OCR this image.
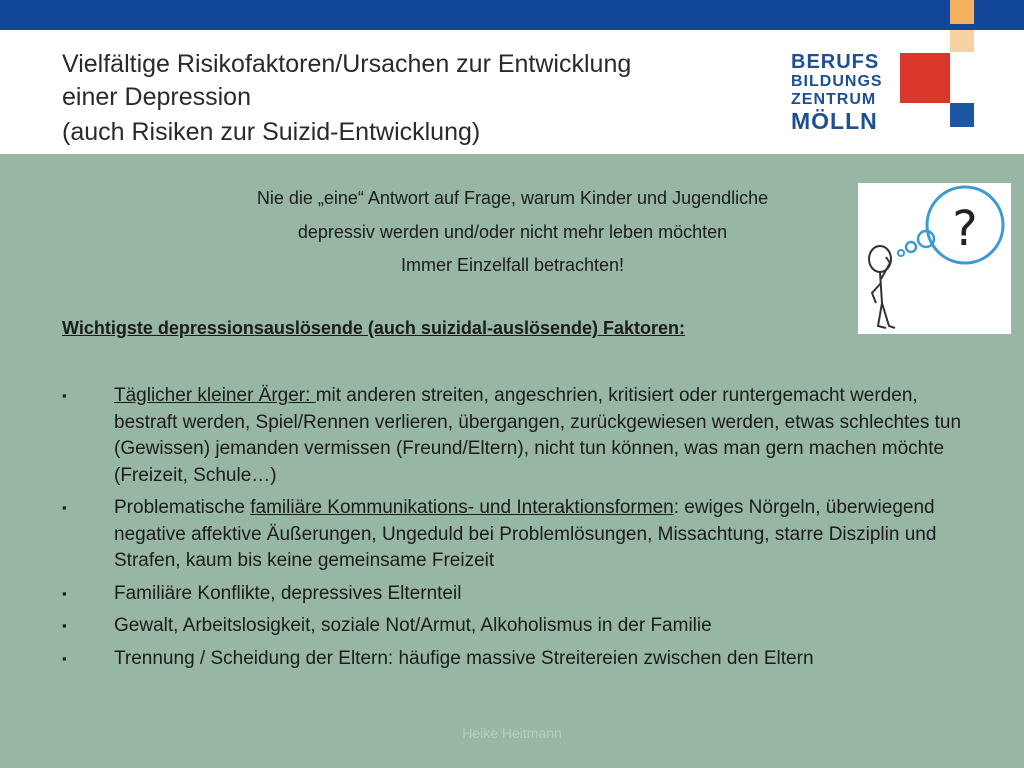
Vielfältige Risikofaktoren/Ursachen zur Entwicklung
einer Depression
(auch Risiken zur Suizid-Entwicklung)
BERUFS
BILDUNGS
ZENTRUM
MÖLLN
Nie die „eine“ Antwort auf Frage, warum Kinder und Jugendliche
depressiv werden und/oder nicht mehr leben möchten
Immer Einzelfall betrachten!
?
Wichtigste depressionsauslösende (auch suizidal-auslösende) Faktoren:
▪ Täglicher kleiner Ärger: mit anderen streiten, angeschrien, kritisiert oder runtergemacht werden, bestraft werden, Spiel/Rennen verlieren, übergangen, zurückgewiesen werden, etwas schlechtes tun (Gewissen) jemanden vermissen (Freund/Eltern), nicht tun können, was man gern machen möchte (Freizeit, Schule…)
▪ Problematische familiäre Kommunikations- und Interaktionsformen: ewiges Nörgeln, überwiegend negative affektive Äußerungen, Ungeduld bei Problemlösungen, Missachtung, starre Disziplin und Strafen, kaum bis keine gemeinsame Freizeit
▪ Familiäre Konflikte, depressives Elternteil
▪ Gewalt, Arbeitslosigkeit, soziale Not/Armut, Alkoholismus in der Familie
▪ Trennung / Scheidung der Eltern: häufige massive Streitereien zwischen den Eltern
Heike Heitmann
